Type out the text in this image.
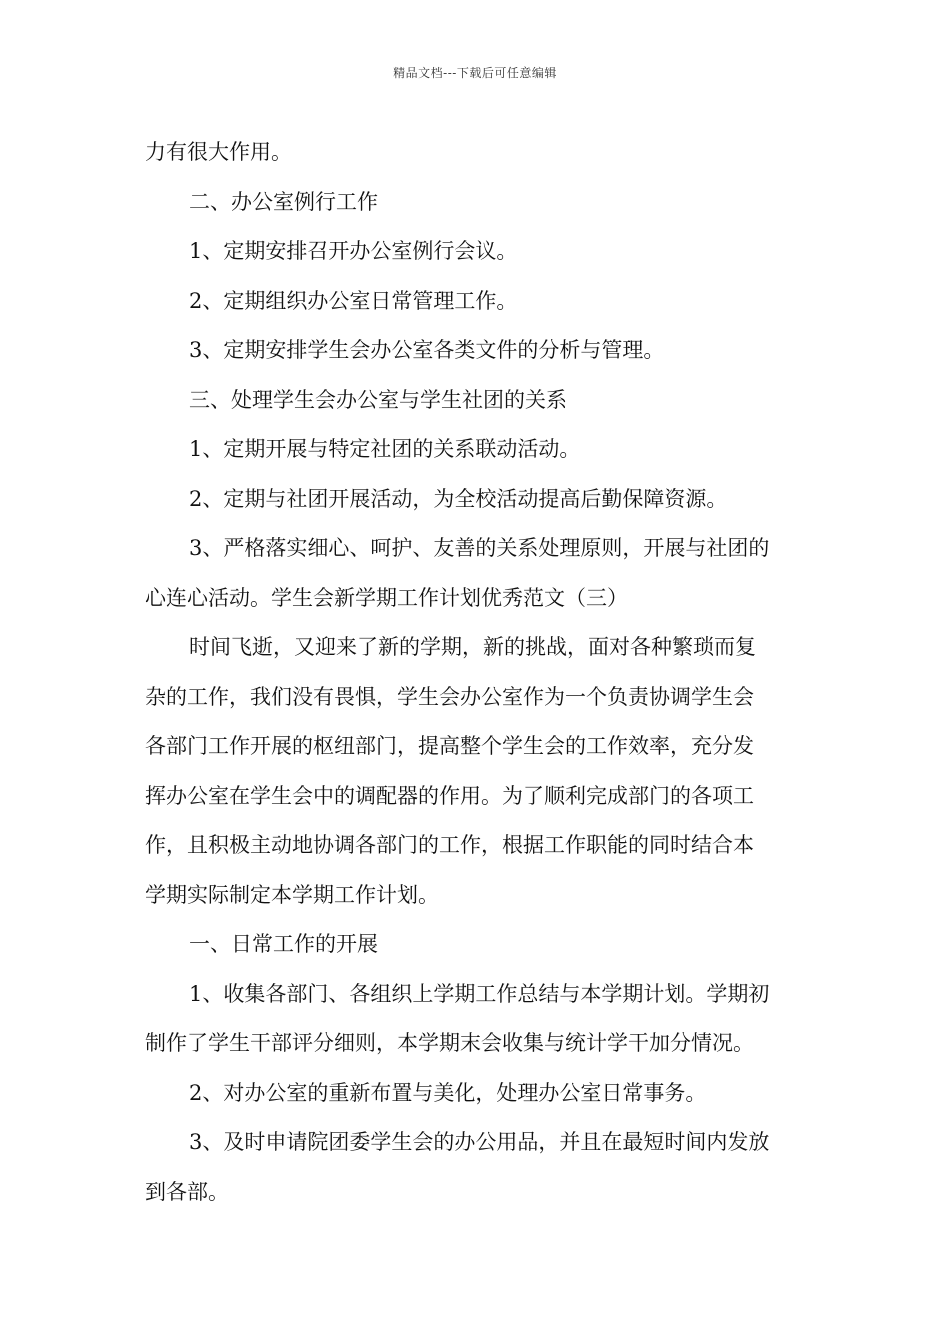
精品文档---下载后可任意编辑
力有很大作用。
二、办公室例行工作
1、定期安排召开办公室例行会议。
2、定期组织办公室日常管理工作。
3、定期安排学生会办公室各类文件的分析与管理。
三、处理学生会办公室与学生社团的关系
1、定期开展与特定社团的关系联动活动。
2、定期与社团开展活动，为全校活动提高后勤保障资源。
3、严格落实细心、呵护、友善的关系处理原则，开展与社团的
心连心活动。学生会新学期工作计划优秀范文（三）
时间飞逝，又迎来了新的学期，新的挑战，面对各种繁琐而复
杂的工作，我们没有畏惧，学生会办公室作为一个负责协调学生会
各部门工作开展的枢纽部门，提高整个学生会的工作效率，充分发
挥办公室在学生会中的调配器的作用。为了顺利完成部门的各项工
作，且积极主动地协调各部门的工作，根据工作职能的同时结合本
学期实际制定本学期工作计划。
一、日常工作的开展
1、收集各部门、各组织上学期工作总结与本学期计划。学期初
制作了学生干部评分细则，本学期末会收集与统计学干加分情况。
2、对办公室的重新布置与美化，处理办公室日常事务。
3、及时申请院团委学生会的办公用品，并且在最短时间内发放
到各部。
